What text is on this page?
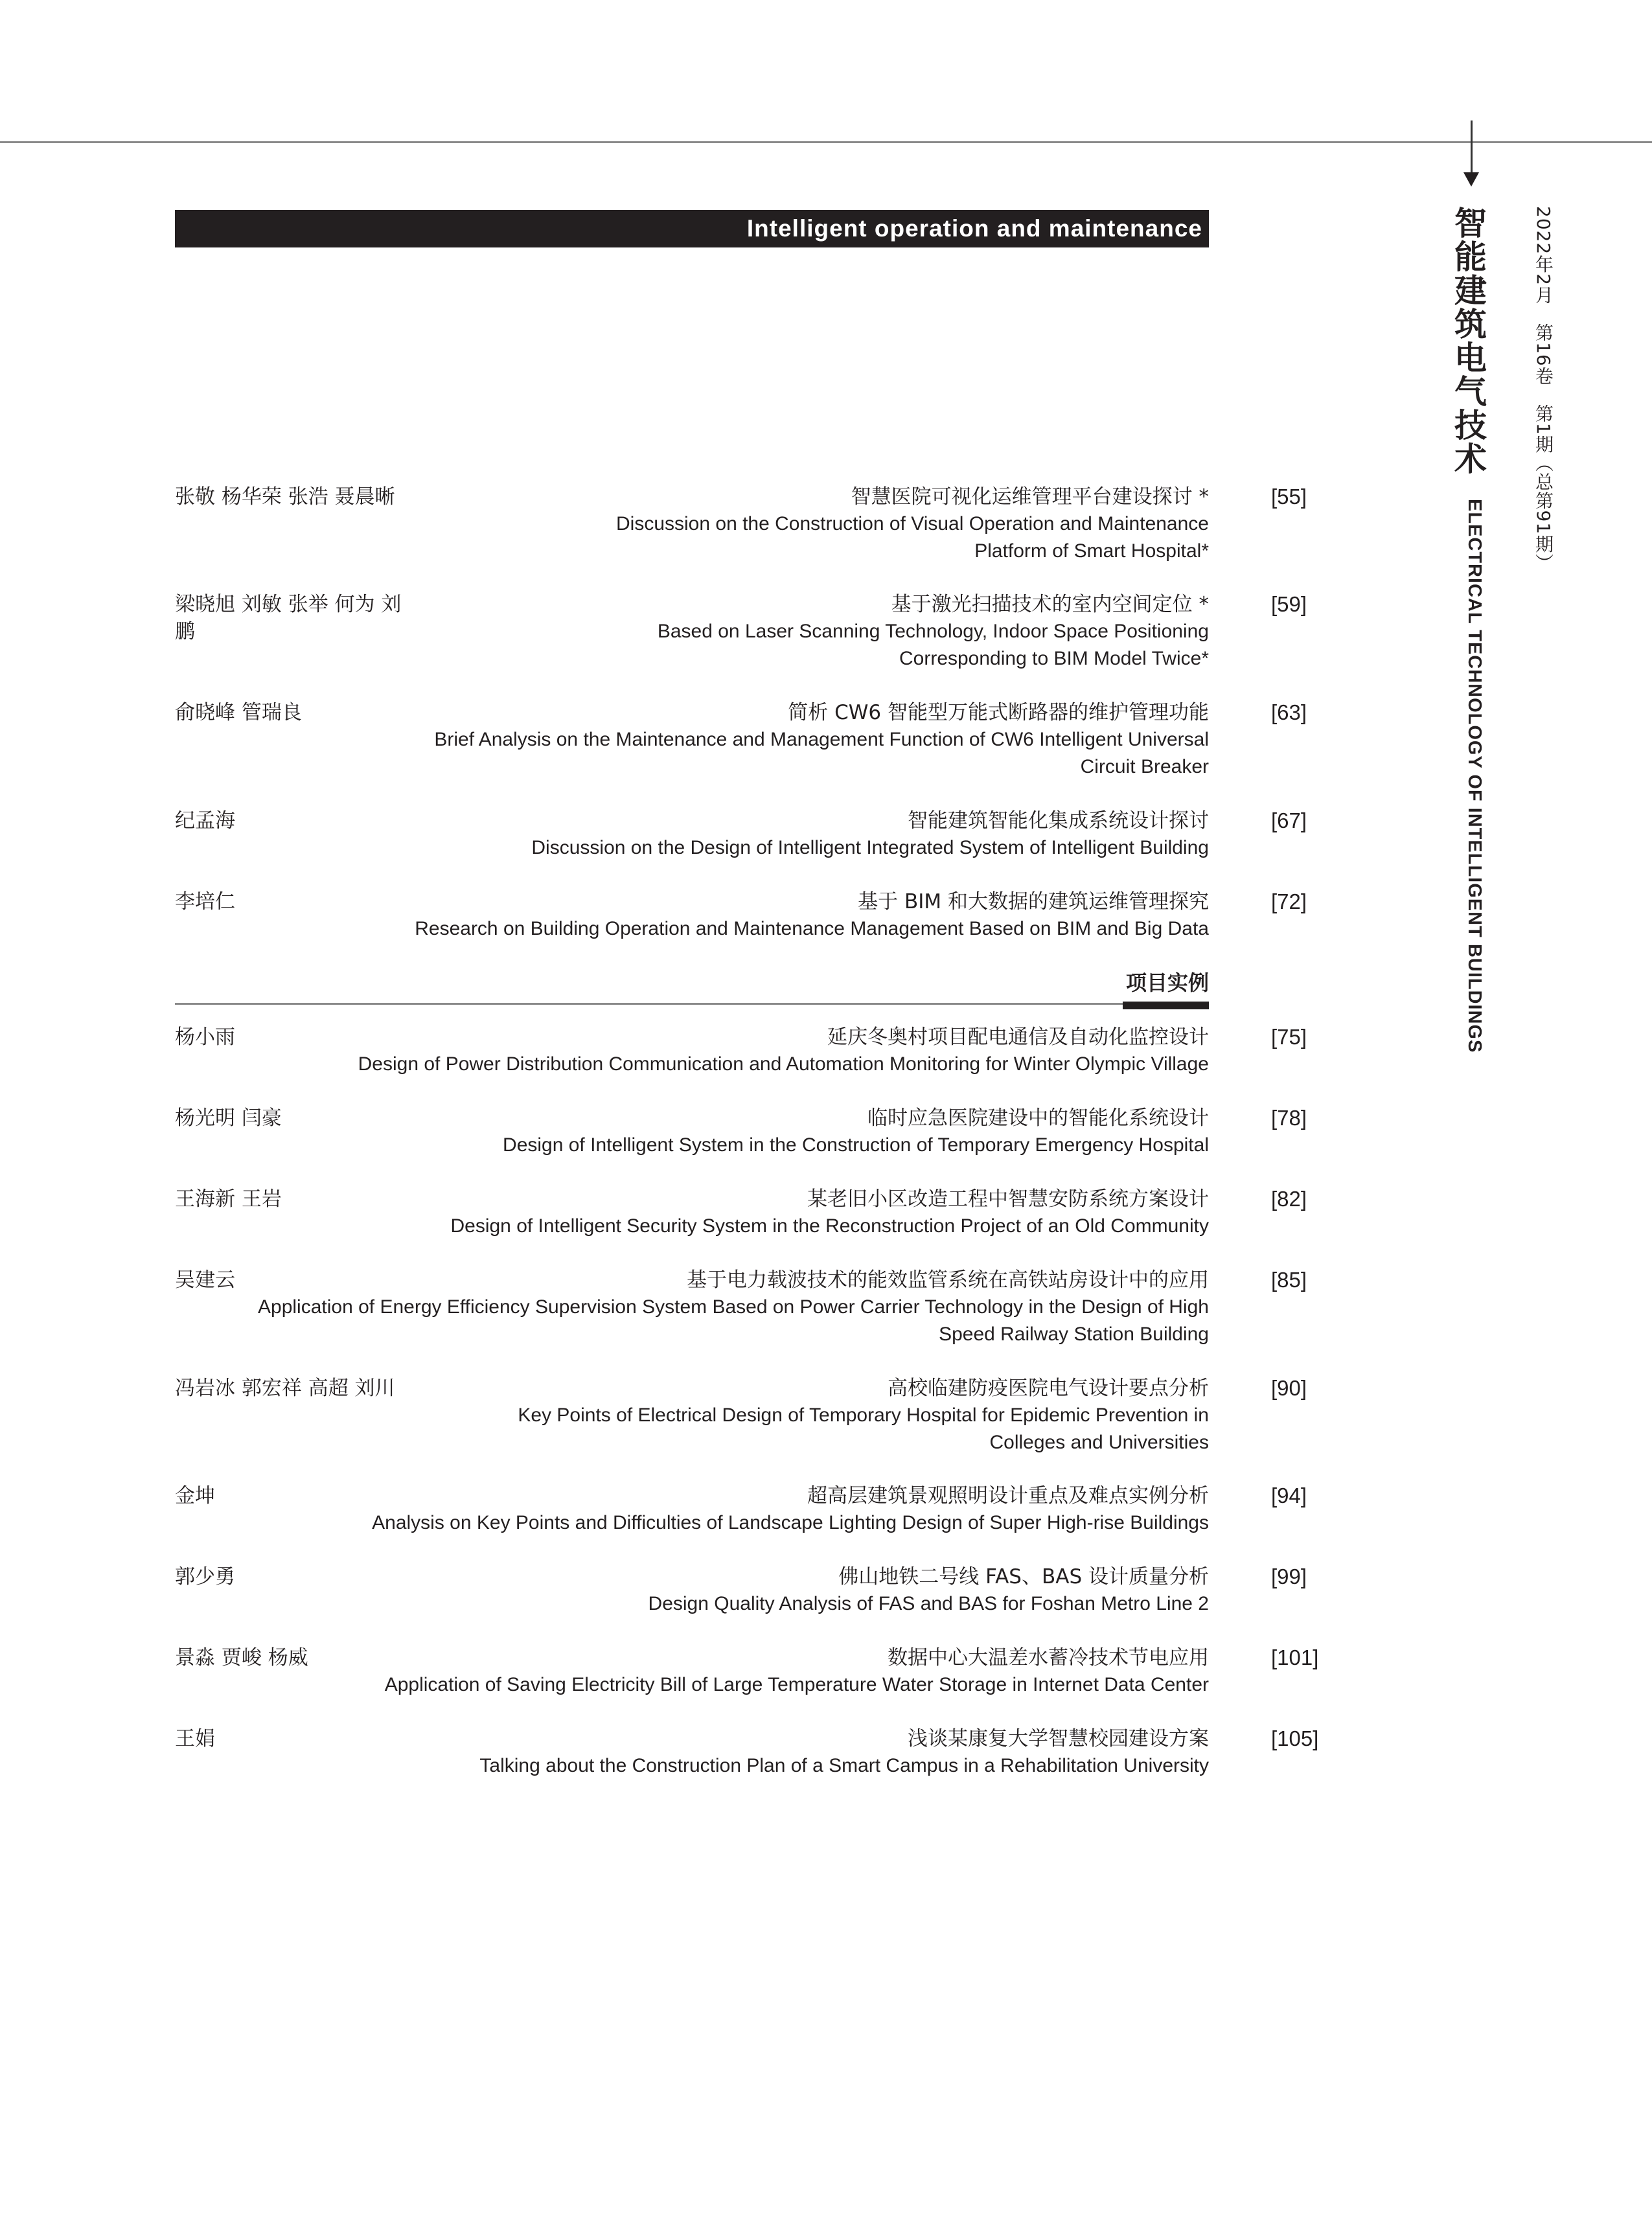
智能建筑电气技术
ELECTRICAL TECHNOLOGY OF INTELLIGENT BUILDINGS
2022年2月　第16卷　第1期（总第91期）
Intelligent operation and maintenance
张敬 杨华荣 张浩 聂晨晰	智慧医院可视化运维管理平台建设探讨 *
Discussion on the Construction of Visual Operation and Maintenance Platform of Smart Hospital*
[55]
梁晓旭 刘敏 张举 何为 刘鹏
基于激光扫描技术的室内空间定位 *
Based on Laser Scanning Technology, Indoor Space Positioning Corresponding to BIM Model Twice*
[59]
俞晓峰 管瑞良	简析 CW6 智能型万能式断路器的维护管理功能
Brief Analysis on the Maintenance and Management Function of CW6 Intelligent Universal Circuit Breaker
[63]
纪孟海	智能建筑智能化集成系统设计探讨
Discussion on the Design of Intelligent Integrated System of Intelligent Building
[67]
李培仁	基于 BIM 和大数据的建筑运维管理探究
Research on Building Operation and Maintenance Management Based on BIM and Big Data
[72]
项目实例
杨小雨	延庆冬奥村项目配电通信及自动化监控设计
Design of Power Distribution Communication and Automation Monitoring for Winter Olympic Village
[75]
杨光明 闫豪	临时应急医院建设中的智能化系统设计
Design of Intelligent System in the Construction of Temporary Emergency Hospital
[78]
王海新 王岩	某老旧小区改造工程中智慧安防系统方案设计
Design of Intelligent Security System in the Reconstruction Project of an Old Community
[82]
吴建云	基于电力载波技术的能效监管系统在高铁站房设计中的应用
Application of Energy Efficiency Supervision System Based on Power Carrier Technology in the Design of High Speed Railway Station Building
[85]
冯岩冰 郭宏祥 高超 刘川	高校临建防疫医院电气设计要点分析
Key Points of Electrical Design of Temporary Hospital for Epidemic Prevention in Colleges and Universities
[90]
金坤	超高层建筑景观照明设计重点及难点实例分析
Analysis on Key Points and Difficulties of Landscape Lighting Design of Super High-rise Buildings
[94]
郭少勇	佛山地铁二号线 FAS、BAS 设计质量分析
Design Quality Analysis of FAS and BAS for Foshan Metro Line 2
[99]
景淼 贾峻 杨威	数据中心大温差水蓄冷技术节电应用
Application of Saving Electricity Bill of Large Temperature Water Storage in Internet Data Center
[101]
王娟	浅谈某康复大学智慧校园建设方案
Talking about the Construction Plan of a Smart Campus in a Rehabilitation University
[105]
